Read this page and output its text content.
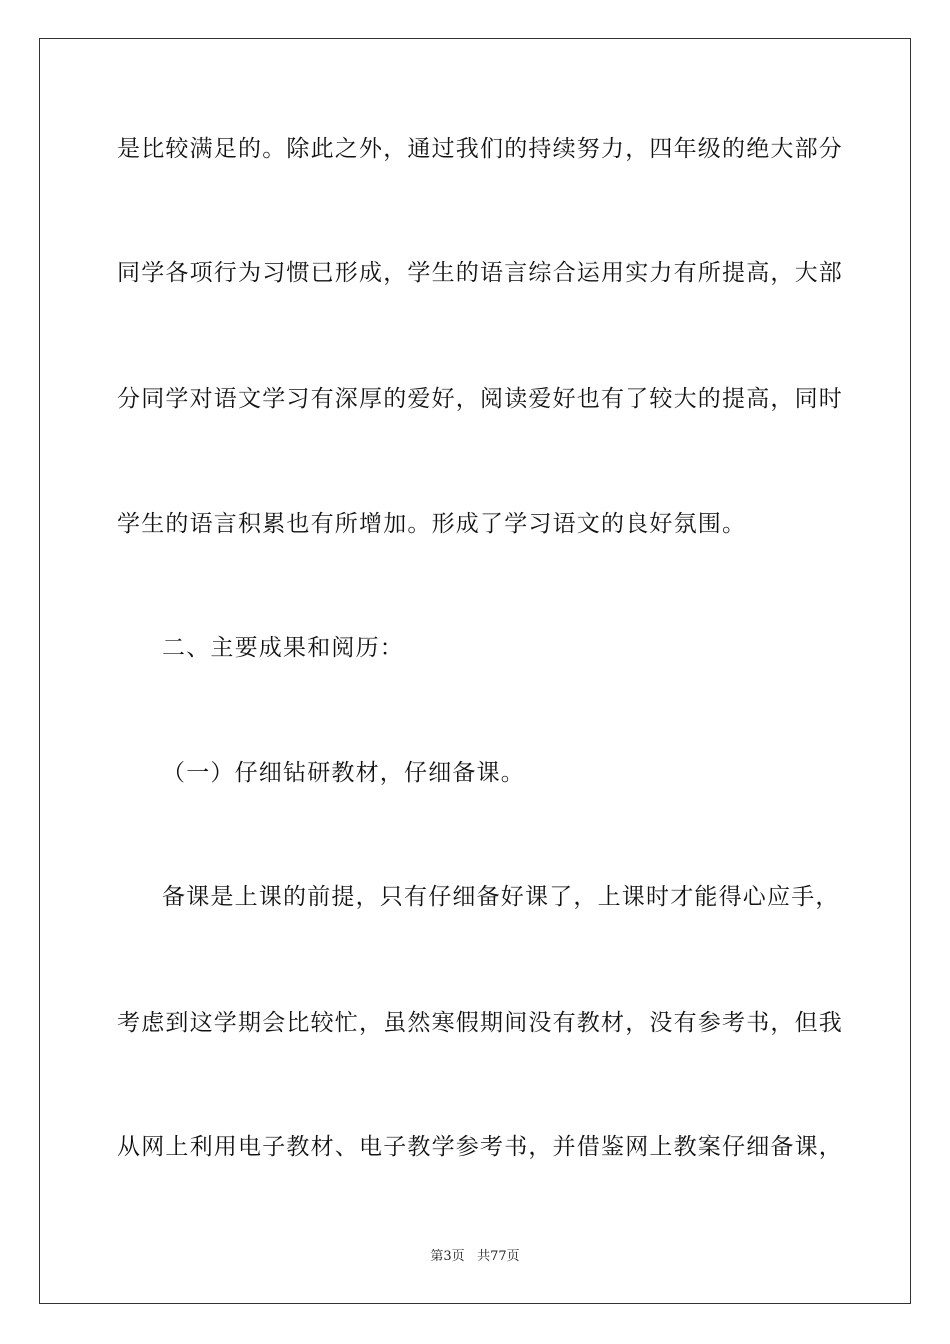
是比较满足的。除此之外，通过我们的持续努力，四年级的绝大部分
同学各项行为习惯已形成，学生的语言综合运用实力有所提高，大部
分同学对语文学习有深厚的爱好，阅读爱好也有了较大的提高，同时
学生的语言积累也有所增加。形成了学习语文的良好氛围。
二、主要成果和阅历：
（一）仔细钻研教材，仔细备课。
备课是上课的前提，只有仔细备好课了，上课时才能得心应手，
考虑到这学期会比较忙，虽然寒假期间没有教材，没有参考书，但我
从网上利用电子教材、电子教学参考书，并借鉴网上教案仔细备课，
第3页 共77页
